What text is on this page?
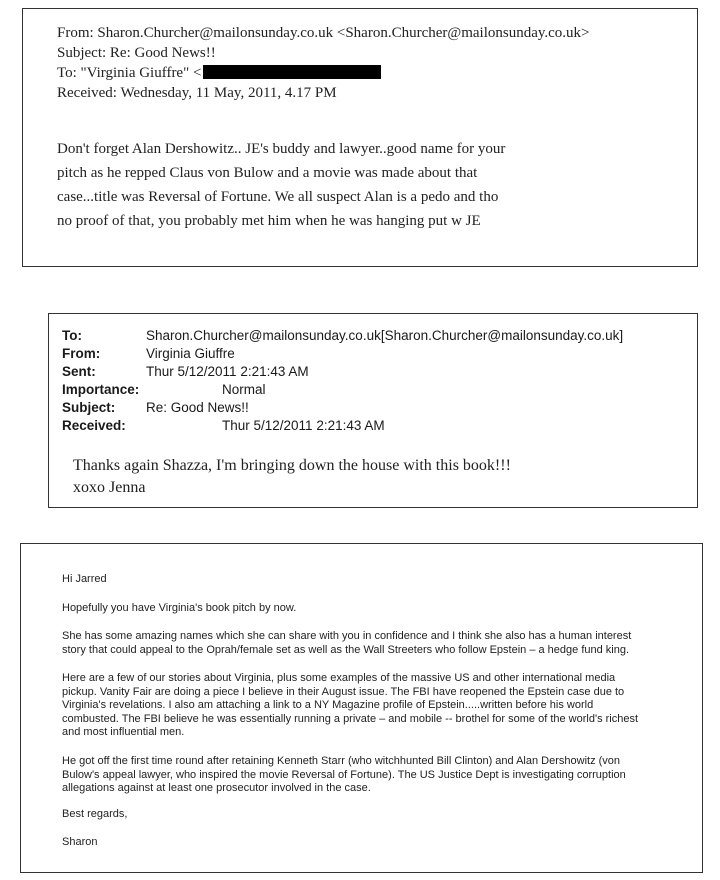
From: Sharon.Churcher@mailonsunday.co.uk <Sharon.Churcher@mailonsunday.co.uk>
Subject: Re: Good News!!
To: "Virginia Giuffre" <
Received: Wednesday, 11 May, 2011, 4.17 PM
Don't forget Alan Dershowitz.. JE's buddy and lawyer..good name for your
pitch as he repped Claus von Bulow and a movie was made about that
case...title was Reversal of Fortune. We all suspect Alan is a pedo and tho
no proof of that, you probably met him when he was hanging put w JE
To:	Sharon.Churcher@mailonsunday.co.uk[Sharon.Churcher@mailonsunday.co.uk]
From:	Virginia Giuffre
Sent:	Thur 5/12/2011 2:21:43 AM
Importance:	Normal
Subject: Re: Good News!!
Received:	Thur 5/12/2011 2:21:43 AM
Thanks again Shazza, I'm bringing down the house with this book!!!
xoxo Jenna
Hi Jarred
Hopefully you have Virginia's book pitch by now.
She has some amazing names which she can share with you in confidence and I think she also has a human interest
story that could appeal to the Oprah/female set as well as the Wall Streeters who follow Epstein – a hedge fund king.
Here are a few of our stories about Virginia, plus some examples of the massive US and other international media
pickup. Vanity Fair are doing a piece I believe in their August issue. The FBI have reopened the Epstein case due to
Virginia's revelations. I also am attaching a link to a NY Magazine profile of Epstein.....written before his world
combusted. The FBI believe he was essentially running a private – and mobile -- brothel for some of the world's richest
and most influential men.
He got off the first time round after retaining Kenneth Starr (who witchhunted Bill Clinton) and Alan Dershowitz (von
Bulow's appeal lawyer, who inspired the movie Reversal of Fortune). The US Justice Dept is investigating corruption
allegations against at least one prosecutor involved in the case.
Best regards,
Sharon
